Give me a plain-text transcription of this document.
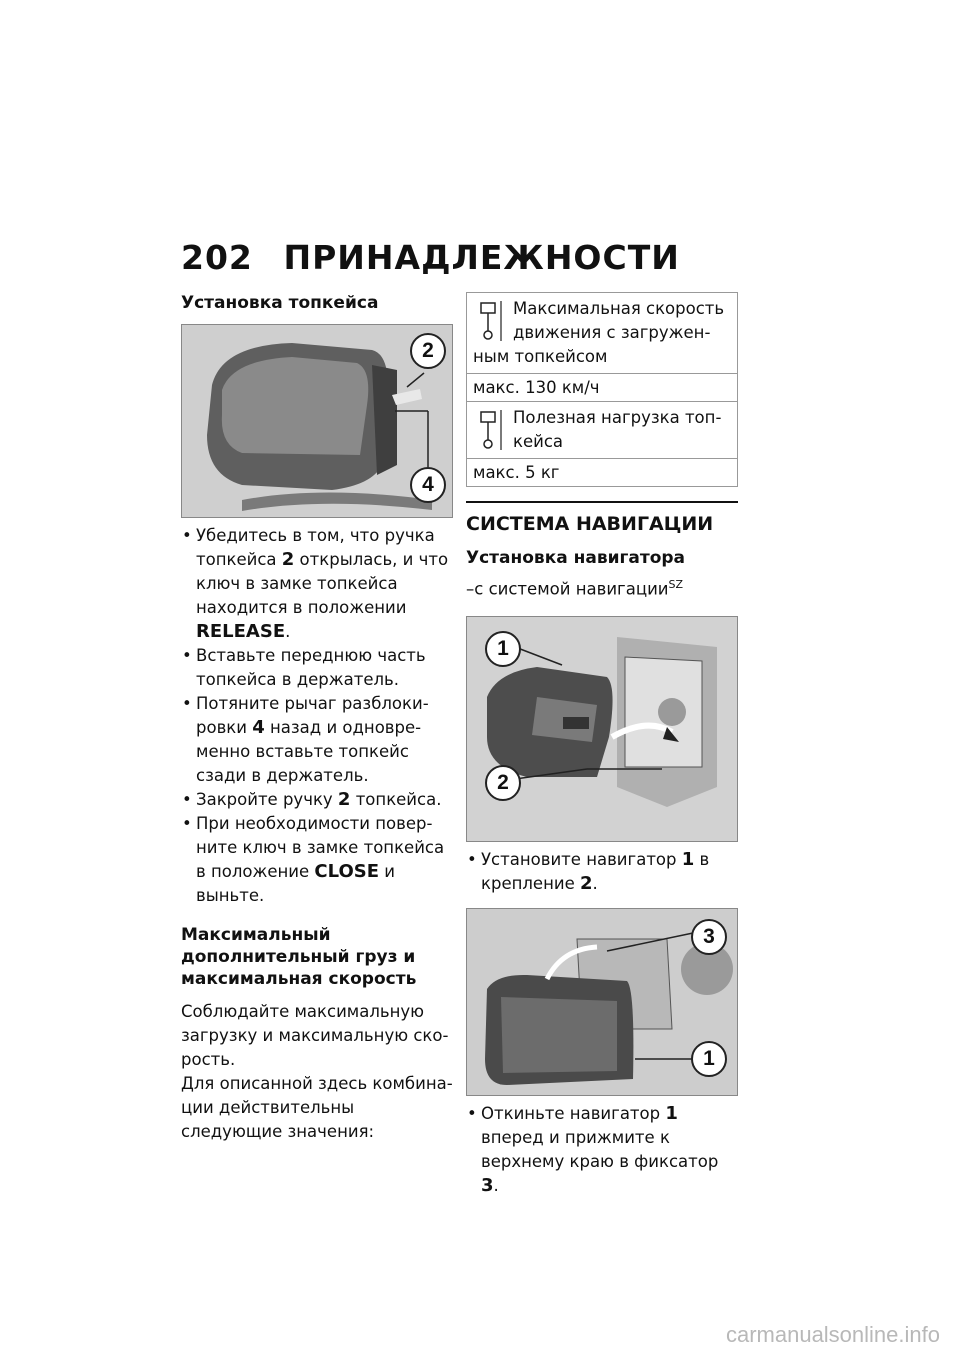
202 ПРИНАДЛЕЖНОСТИ
Установка топкейса
2
4
• Убедитесь в том, что ручка топкейса 2 открылась, и что ключ в замке топкейса находится в положении RELEASE.
• Вставьте переднюю часть топкейса в держатель.
• Потяните рычаг разблоки-ровки 4 назад и одновре-менно вставьте топкейс сзади в держатель.
• Закройте ручку 2 топкейса.
• При необходимости повер-ните ключ в замке топкейса в положение CLOSE и выньте.
Максимальный дополнительный груз и максимальная скорость

Соблюдайте максимальную загрузку и максимальную ско-рость.

Для описанной здесь комбина-ции действительны следующие значения:

Максимальная скорость движения с загружен-ным топкейсом
макс. 130 км/ч

Полезная нагрузка топ-кейса
макс. 5 кг
СИСТЕМА НАВИГАЦИИ
Установка навигатора

–с системой навигации$^{SZ}$

1
2
• Установите навигатор 1 в крепление 2.
3
1
• Откиньте навигатор 1 вперед и прижмите к верхнему краю в фиксатор 3.
carmanualsonline.info
